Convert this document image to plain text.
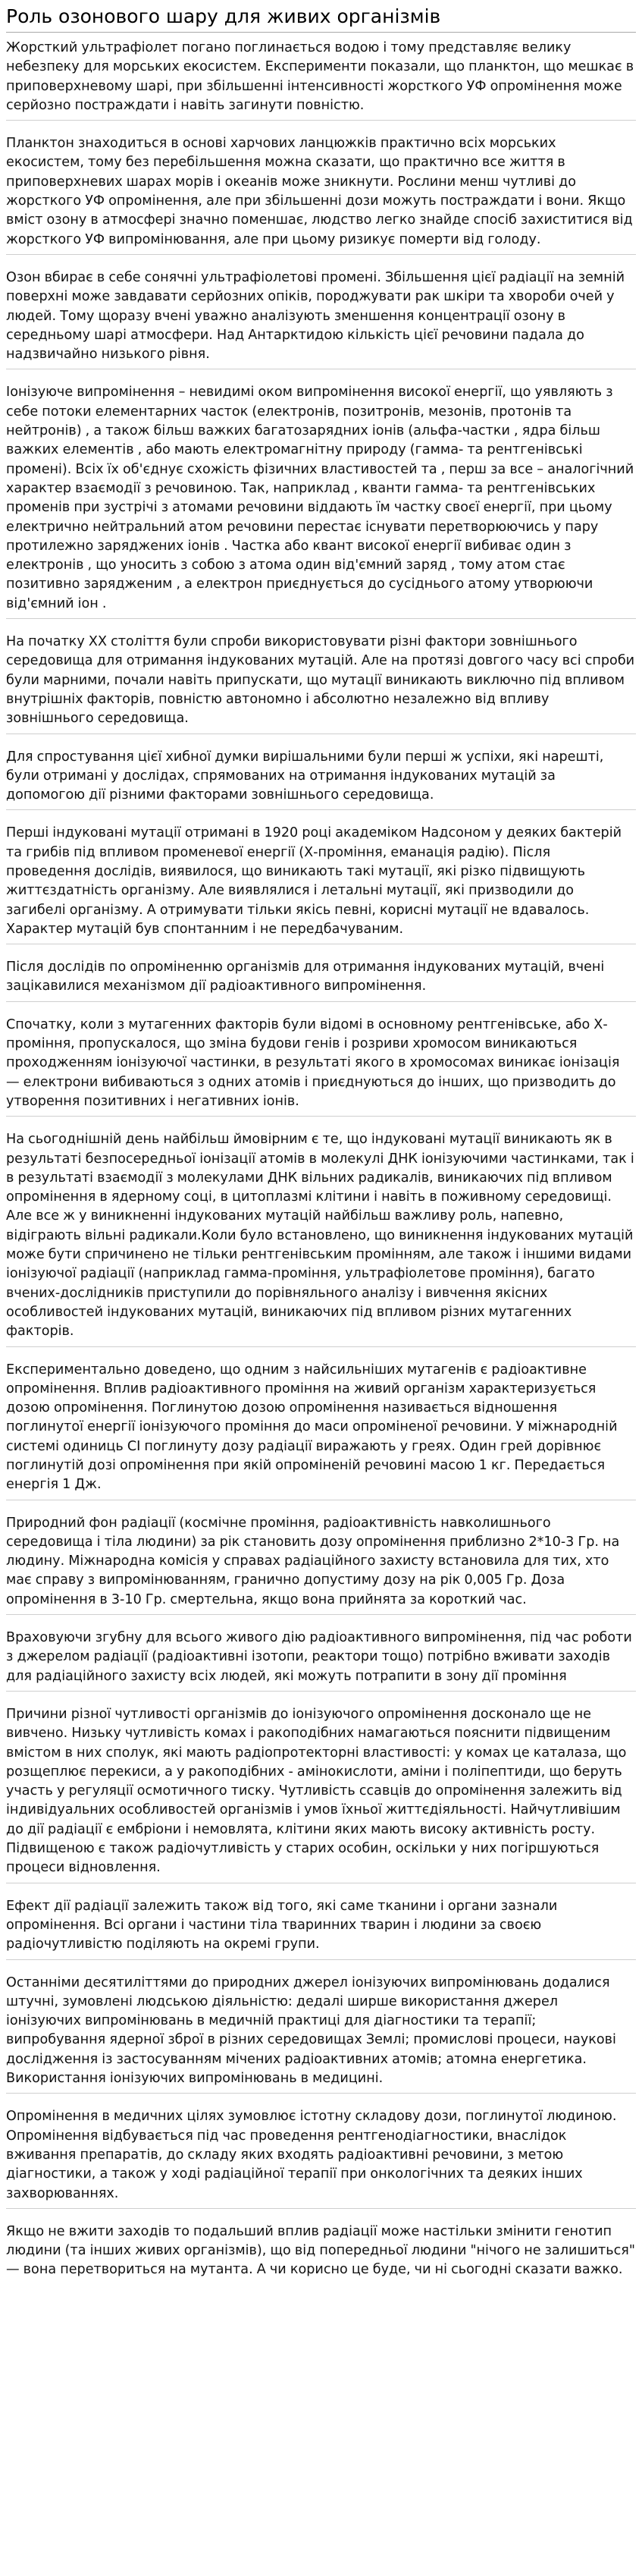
Роль озонового шару для живих організмів

Жорсткий ультрафіолет погано поглинається водою і тому представляє велику небезпеку для морських екосистем. Експерименти показали, що планктон, що мешкає в приповерхневому шарі, при збільшенні інтенсивності жорсткого УФ опромінення може серйозно постраждати і навіть загинути повністю.

Планктон знаходиться в основі харчових ланцюжків практично всіх морських екосистем, тому без перебільшення можна сказати, що практично все життя в приповерхневих шарах морів і океанів може зникнути. Рослини менш чутливі до жорсткого УФ опромінення, але при збільшенні дози можуть постраждати і вони. Якщо вміст озону в атмосфері значно поменшає, людство легко знайде спосіб захиститися від жорсткого УФ випромінювання, але при цьому ризикує померти від голоду.

Озон вбирає в себе сонячні ультрафіолетові промені. Збільшення цієї радіації на земній поверхні може завдавати серйозних опіків, породжувати рак шкіри та хвороби очей у людей. Тому щоразу вчені уважно аналізують зменшення концентрації озону в середньому шарі атмосфери. Над Антарктидою кількість цієї речовини падала до надзвичайно низького рівня.

Іонізуюче випромінення – невидимі оком випромінення високої енергії, що уявляють з себе потоки елементарних часток (електронів, позитронів, мезонів, протонів та нейтронів) , а також більш важких багатозарядних іонів (альфа-частки , ядра більш важких елементів , або мають електромагнітну природу (гамма- та рентгенівські промені). Всіх їх об'єднує схожість фізичних властивостей та , перш за все – аналогічний характер взаємодії з речовиною. Так, наприклад , кванти гамма- та рентгенівських променів при зустрічі з атомами речовини віддають їм частку своєї енергії, при цьому електрично нейтральний атом речовини перестає існувати перетворюючись у пару протилежно заряджених іонів . Частка або квант високої енергії вибиває один з електронів , що уносить з собою з атома один від'ємний заряд , тому атом стає позитивно зарядженим , а електрон приєднується до сусіднього атому утворюючи від'ємний іон .

На початку ХХ століття були спроби використовувати різні фактори зовнішнього середовища для отримання індукованих мутацій. Але на протязі довгого часу всі спроби були марними, почали навіть припускати, що мутації виникають виключно під впливом внутрішніх факторів, повністю автономно і абсолютно незалежно від впливу зовнішнього середовища.

Для спростування цієї хибної думки вирішальними були перші ж успіхи, які нарешті, були отримані у дослідах, спрямованих на отримання індукованих мутацій за допомогою дії різними факторами зовнішнього середовища.

Перші індуковані мутації отримані в 1920 році академіком Надсоном у деяких бактерій та грибів під впливом променевої енергії (Х-проміння, еманація радію). Після проведення дослідів, виявилося, що виникають такі мутації, які різко підвищують життєздатність організму. Але виявлялися і летальні мутації, які призводили до загибелі організму. А отримувати тільки якісь певні, корисні мутації не вдавалось. Характер мутацій був спонтанним і не передбачуваним.

Після дослідів по опроміненню організмів для отримання індукованих мутацій, вчені зацікавилися механізмом дії радіоактивного випромінення.

Спочатку, коли з мутагенних факторів були відомі в основному рентгенівське, або Х-проміння, пропускалося, що зміна будови генів і розриви хромосом виникаються проходженням іонізуючої частинки, в результаті якого в хромосомах виникає іонізація — електрони вибиваються з одних атомів і приєднуються до інших, що призводить до утворення позитивних і негативних іонів.

На сьогоднішній день найбільш ймовірним є те, що індуковані мутації виникають як в результаті безпосередньої іонізації атомів в молекулі ДНК іонізуючими частинками, так і в результаті взаємодії з молекулами ДНК вільних радикалів, виникаючих під впливом опромінення в ядерному соці, в цитоплазмі клітини і навіть в поживному середовищі. Але все ж у виникненні індукованих мутацій найбільш важливу роль, напевно, відіграють вільні радикали.Коли було встановлено, що виникнення індукованих мутацій може бути спричинено не тільки рентгенівським промінням, але також і іншими видами іонізуючої радіації (наприклад гамма-проміння, ультрафіолетове проміння), багато вчених-дослідників приступили до порівняльного аналізу і вивчення якісних особливостей індукованих мутацій, виникаючих під впливом різних мутагенних факторів.

Експериментально доведено, що одним з найсильніших мутагенів є радіоактивне опромінення. Вплив радіоактивного проміння на живий організм характеризується дозою опромінення. Поглинутою дозою опромінення називається відношення поглинутої енергії іонізуючого проміння до маси опроміненої речовини. У міжнародній системі одиниць СІ поглинуту дозу радіації виражають у греях. Один грей дорівнює поглинутій дозі опромінення при якій опроміненій речовині масою 1 кг. Передається енергія 1 Дж.

Природний фон радіації (космічне проміння, радіоактивність навколишнього середовища і тіла людини) за рік становить дозу опромінення приблизно 2*10-3 Гр. на людину. Міжнародна комісія у справах радіаційного захисту встановила для тих, хто має справу з випромінюванням, гранично допустиму дозу на рік 0,005 Гр. Доза опромінення в 3-10 Гр. смертельна, якщо вона прийнята за короткий час.

Враховуючи згубну для всього живого дію радіоактивного випромінення, під час роботи з джерелом радіації (радіоактивні ізотопи, реактори тощо) потрібно вживати заходів для радіаційного захисту всіх людей, які можуть потрапити в зону дії проміння

Причини різної чутливості організмів до іонізуючого опромінення досконало ще не вивчено. Низьку чутливість комах і ракоподібних намагаються пояснити підвищеним вмістом в них сполук, які мають радіопротекторні властивості: у комах це каталаза, що розщеплює перекиси, а у ракоподібних - амінокислоти, аміни і поліпептиди, що беруть участь у регуляції осмотичного тиску. Чутливість ссавців до опромінення залежить від індивідуальних особливостей організмів і умов їхньої життєдіяльності. Найчутливішим до дії радіації є ембріони і немовлята, клітини яких мають високу активність росту. Підвищеною є також радіочутливість у старих особин, оскільки у них погіршуються процеси відновлення.

Ефект дії радіації залежить також від того, які саме тканини і органи зазнали опромінення. Всі органи і частини тіла тваринних тварин і людини за своєю радіочутливістю поділяють на окремі групи.

Останніми десятиліттями до природних джерел іонізуючих випромінювань додалися штучні, зумовлені людською діяльністю: дедалі ширше використання джерел іонізуючих випромінювань в медичній практиці для діагностики та терапії; випробування ядерної зброї в різних середовищах Землі; промислові процеси, наукові дослідження із застосуванням мічених радіоактивних атомів; атомна енергетика. Використання іонізуючих випромінювань в медицині.

Опромінення в медичних цілях зумовлює істотну складову дози, поглинутої людиною. Опромінення відбувається під час проведення рентгенодіагностики, внаслідок вживання препаратів, до складу яких входять радіоактивні речовини, з метою діагностики, а також у ході радіаційної терапії при онкологічних та деяких інших захворюваннях.

Якщо не вжити заходів то подальший вплив радіації може настільки змінити генотип людини (та інших живих організмів), що від попередньої людини "нічого не залишиться" — вона перетвориться на мутанта. А чи корисно це буде, чи ні сьогодні сказати важко.
